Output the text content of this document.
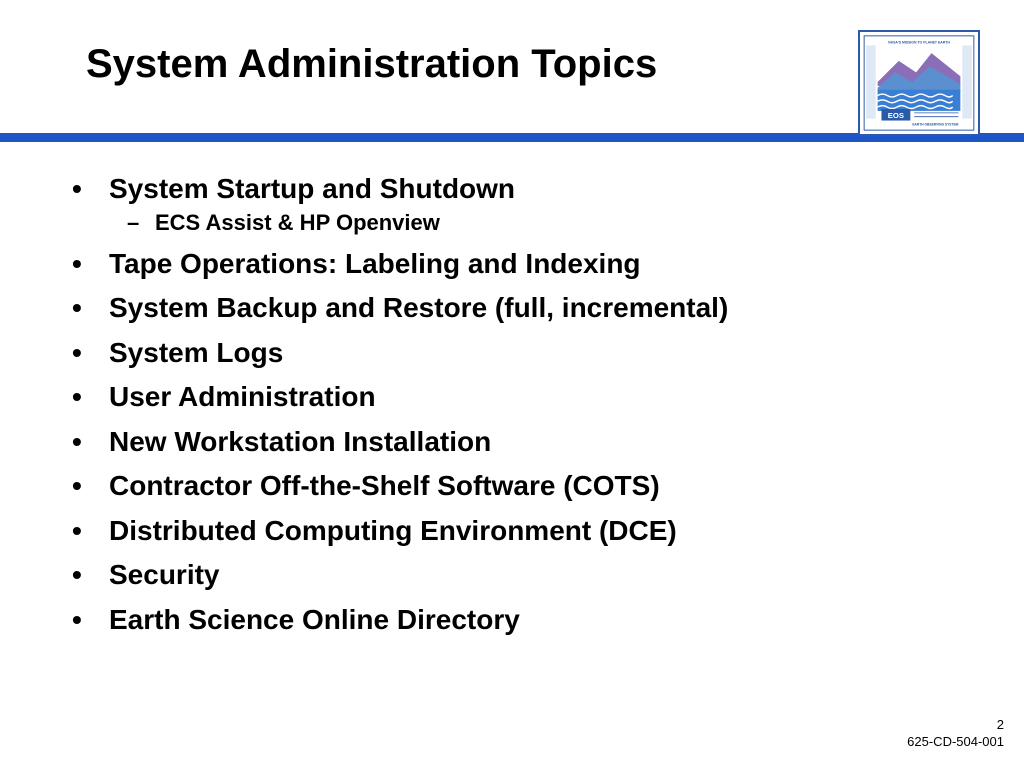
System Administration Topics
EOS
NASA'S MISSION TO PLANET EARTH
EARTH OBSERVING SYSTEM
• System Startup and Shutdown
– ECS Assist & HP Openview
• Tape Operations: Labeling and Indexing
• System Backup and Restore (full, incremental)
• System Logs
• User Administration
• New Workstation Installation
• Contractor Off-the-Shelf Software (COTS)
• Distributed Computing Environment (DCE)
• Security
• Earth Science Online Directory
2
625-CD-504-001
